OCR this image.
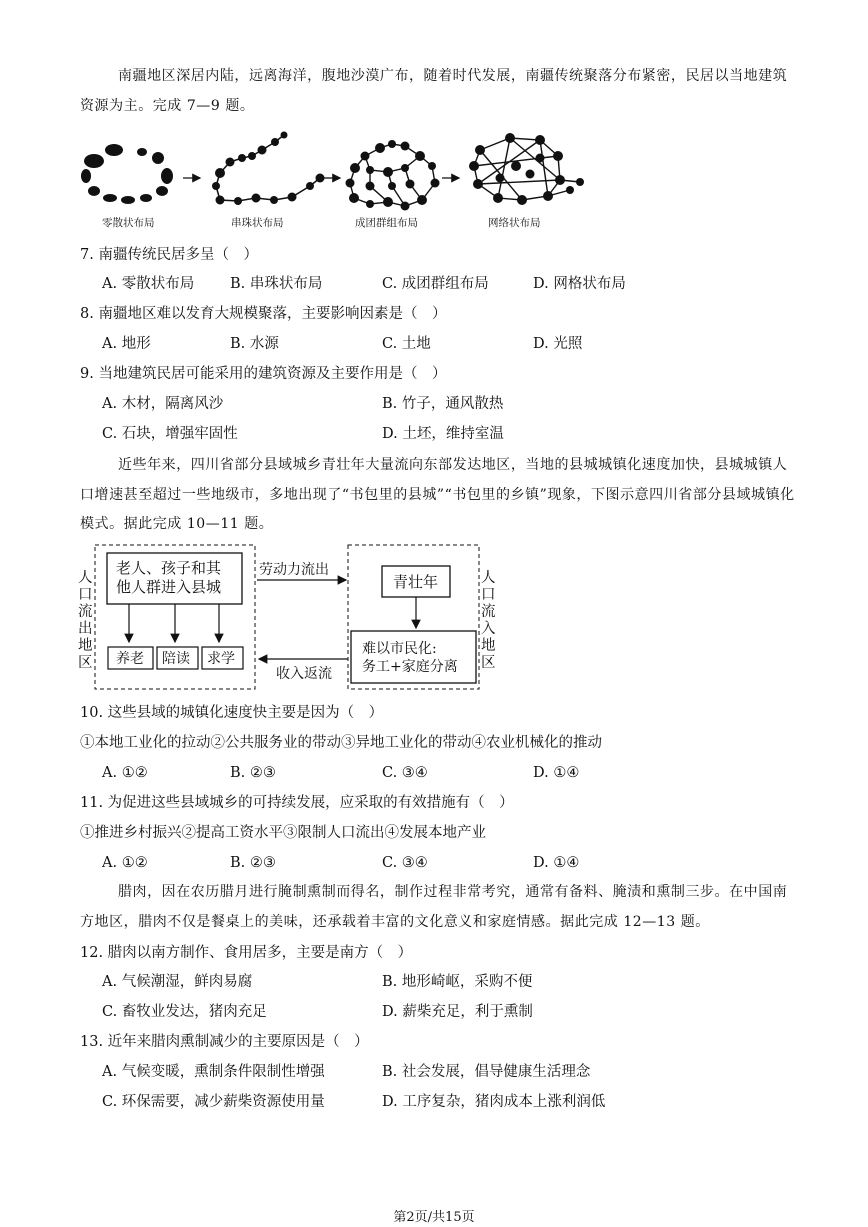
南疆地区深居内陆，远离海洋，腹地沙漠广布，随着时代发展，南疆传统聚落分布紧密，民居以当地建筑资源为主。完成 7—9 题。
零散状布局	串珠状布局	成团群组布局	网络状布局
7. 南疆传统民居多呈（　）
A. 零散状布局 B. 串珠状布局	C. 成团群组布局	D. 网格状布局
8. 南疆地区难以发育大规模聚落，主要影响因素是（　）
A. 地形	B. 水源	C. 土地	D. 光照
9. 当地建筑民居可能采用的建筑资源及主要作用是（　）
A. 木材，隔离风沙	B. 竹子，通风散热
C. 石块，增强牢固性	D. 土坯，维持室温
近些年来，四川省部分县域城乡青壮年大量流向东部发达地区，当地的县城城镇化速度加快，县城城镇人口增速甚至超过一些地级市，多地出现了“书包里的县城”“书包里的乡镇”现象，下图示意四川省部分县域城镇化模式。据此完成 10—11 题。
老人、孩子和其
他人群进入县城
养老 陪读 求学
劳动力流出
收入返流
青壮年
难以市民化:
务工+家庭分离
人口流出地区
人口流入地区
10. 这些县域的城镇化速度快主要是因为（　）
①本地工业化的拉动②公共服务业的带动③异地工业化的带动④农业机械化的推动
A. ①②	B. ②③	C. ③④	D. ①④
11. 为促进这些县域城乡的可持续发展，应采取的有效措施有（　）
①推进乡村振兴②提高工资水平③限制人口流出④发展本地产业
A. ①②	B. ②③	C. ③④	D. ①④
腊肉，因在农历腊月进行腌制熏制而得名，制作过程非常考究，通常有备料、腌渍和熏制三步。在中国南方地区，腊肉不仅是餐桌上的美味，还承载着丰富的文化意义和家庭情感。据此完成 12—13 题。
12. 腊肉以南方制作、食用居多，主要是南方（　）
A. 气候潮湿，鲜肉易腐	B. 地形崎岖，采购不便
C. 畜牧业发达，猪肉充足	D. 薪柴充足，利于熏制
13. 近年来腊肉熏制减少的主要原因是（　）
A. 气候变暖，熏制条件限制性增强	B. 社会发展，倡导健康生活理念
C. 环保需要，减少薪柴资源使用量	D. 工序复杂，猪肉成本上涨利润低
第2页/共15页
